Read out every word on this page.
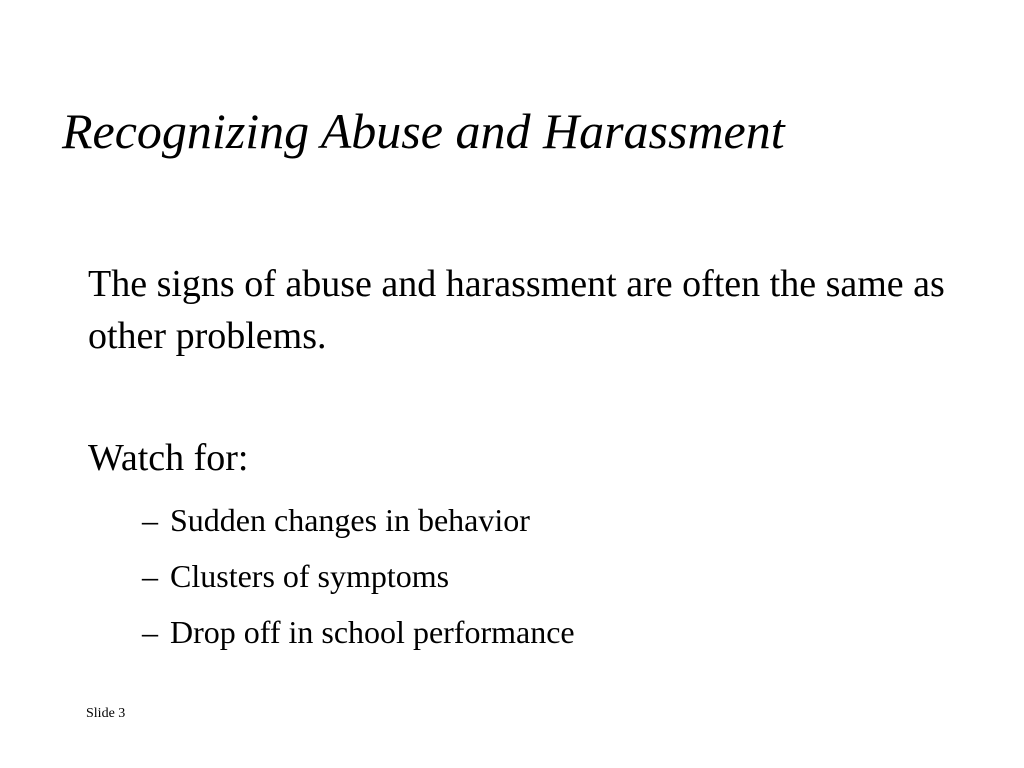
Recognizing Abuse and Harassment

The signs of abuse and harassment are often the same as other problems.

Watch for:

– Sudden changes in behavior
– Clusters of symptoms
– Drop off in school performance
Slide 3
